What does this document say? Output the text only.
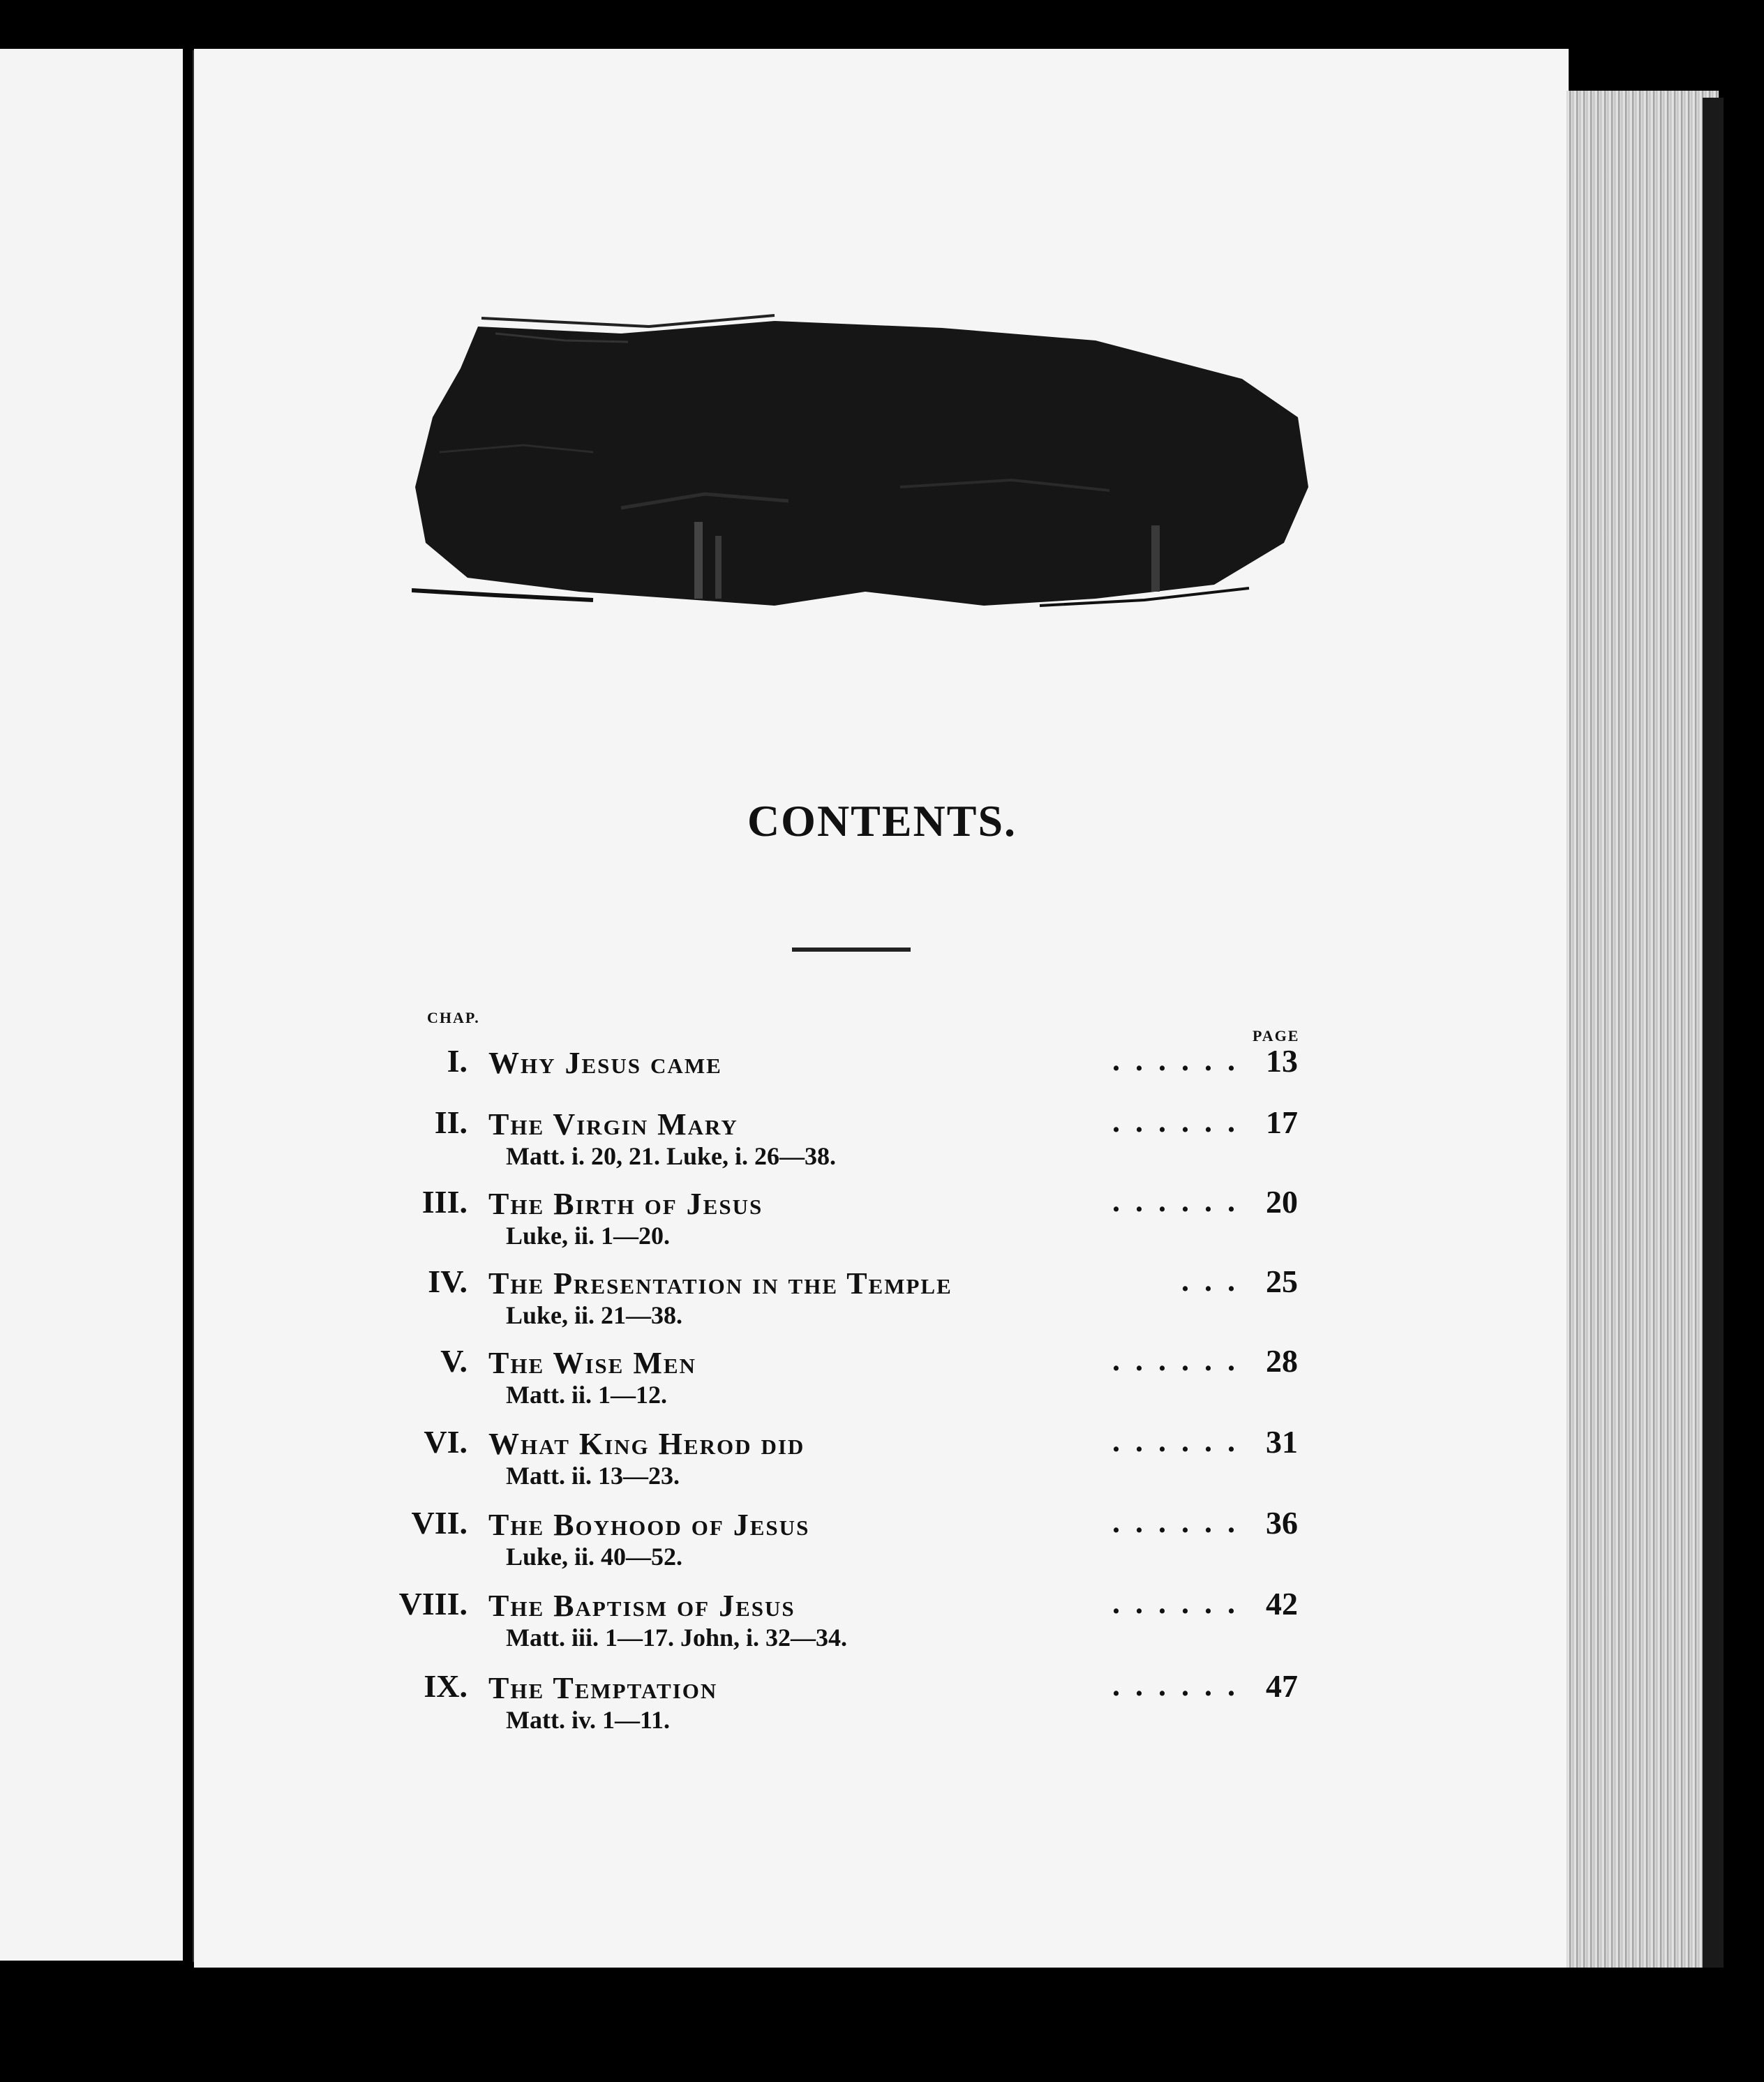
CONTENTS.
CHAP.
PAGE
I. Why Jesus came	.  .  .  .  .  . 13
II. The Virgin Mary	.  .  .  .  .  . 17
Matt. i. 20, 21. Luke, i. 26—38.
III. The Birth of Jesus	.  .  .  .  .  . 20
Luke, ii. 1—20.
IV. The Presentation in the Temple	.  .  . 25
Luke, ii. 21—38.
V. The Wise Men	.  .  .  .  .  . 28
Matt. ii. 1—12.
VI. What King Herod did	.  .  .  .  .  . 31
Matt. ii. 13—23.
VII. The Boyhood of Jesus	.  .  .  .  .  . 36
Luke, ii. 40—52.
VIII. The Baptism of Jesus	.  .  .  .  .  . 42
Matt. iii. 1—17. John, i. 32—34.
IX. The Temptation	.  .  .  .  .  . 47
Matt. iv. 1—11.
